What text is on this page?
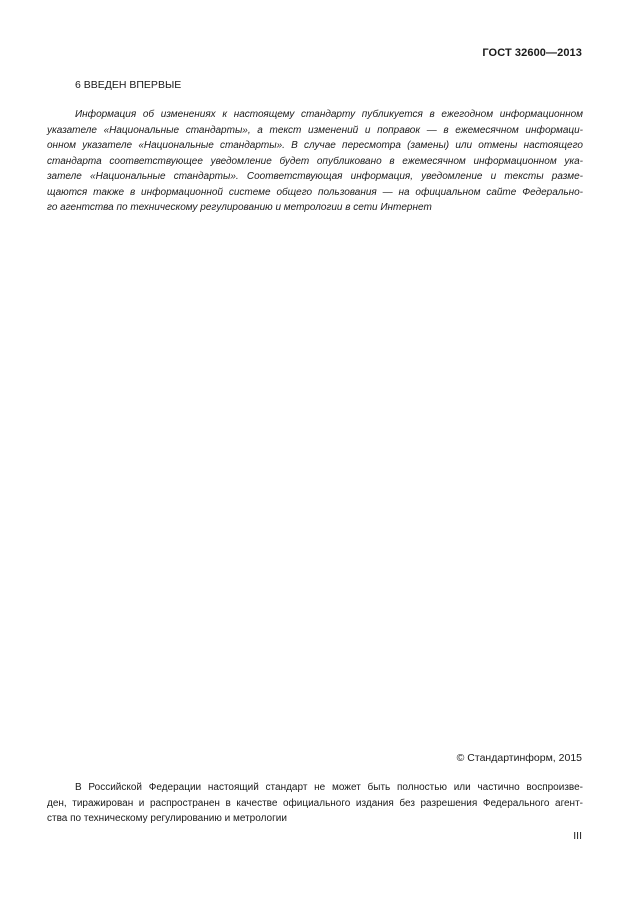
ГОСТ 32600—2013
6 ВВЕДЕН ВПЕРВЫЕ

Информация об изменениях к настоящему стандарту публикуется в ежегодном информационном
указателе «Национальные стандарты», а текст изменений и поправок — в ежемесячном информаци-
онном указателе «Национальные стандарты». В случае пересмотра (замены) или отмены настоящего
стандарта соответствующее уведомление будет опубликовано в ежемесячном информационном ука-
зателе «Национальные стандарты». Соответствующая информация, уведомление и тексты разме-
щаются также в информационной системе общего пользования — на официальном сайте Федерально-
го агентства по техническому регулированию и метрологии в сети Интернет

© Стандартинформ, 2015

В Российской Федерации настоящий стандарт не может быть полностью или частично воспроизве-
ден, тиражирован и распространен в качестве официального издания без разрешения Федерального агент-
ства по техническому регулированию и метрологии

III
